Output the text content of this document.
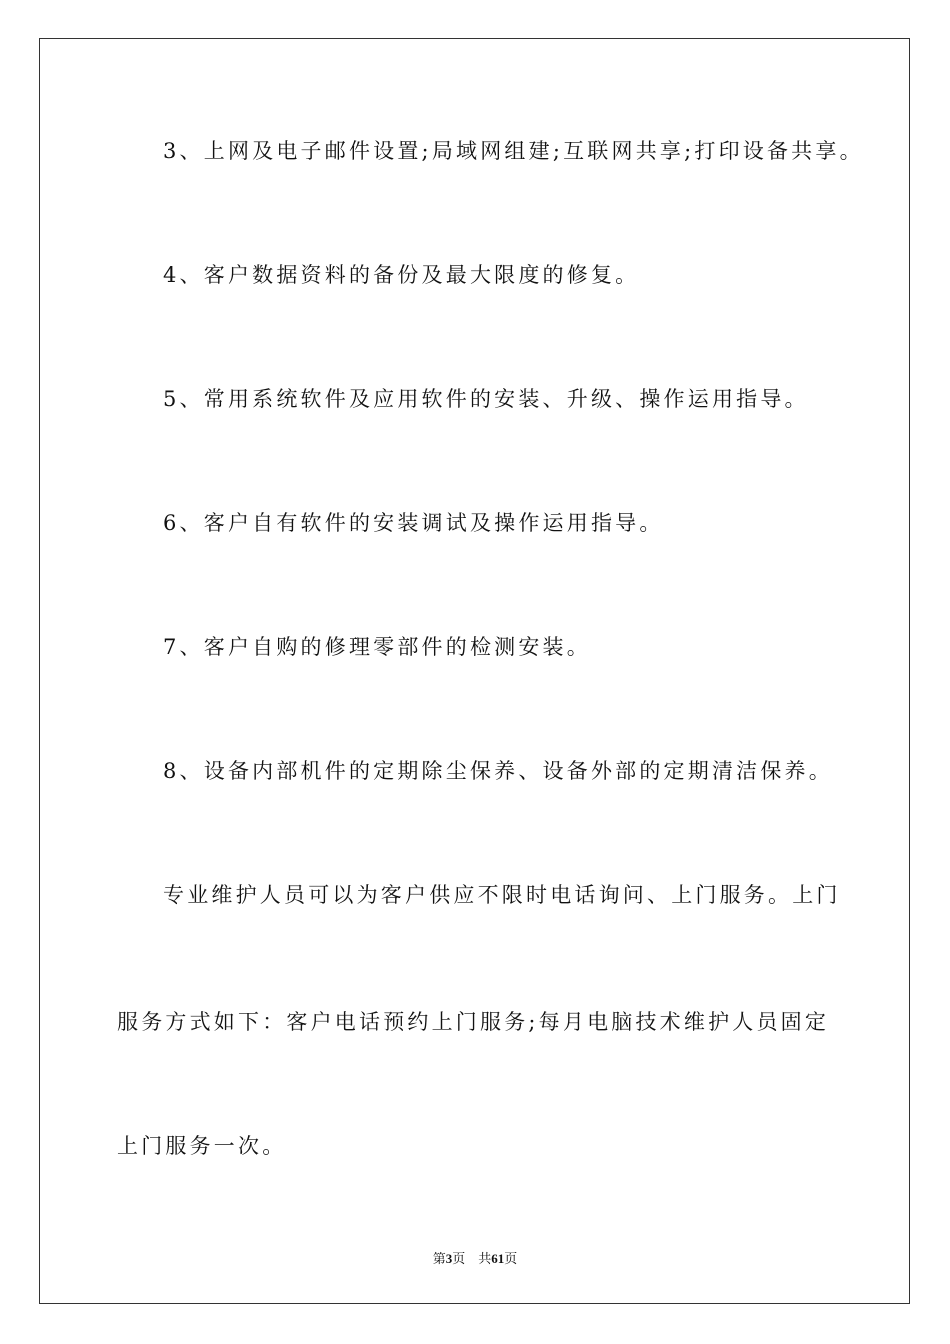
3、上网及电子邮件设置;局域网组建;互联网共享;打印设备共享。

4、客户数据资料的备份及最大限度的修复。

5、常用系统软件及应用软件的安装、升级、操作运用指导。

6、客户自有软件的安装调试及操作运用指导。

7、客户自购的修理零部件的检测安装。

8、设备内部机件的定期除尘保养、设备外部的定期清洁保养。

专业维护人员可以为客户供应不限时电话询问、上门服务。上门

服务方式如下：客户电话预约上门服务;每月电脑技术维护人员固定

上门服务一次。

第3页 共61页
